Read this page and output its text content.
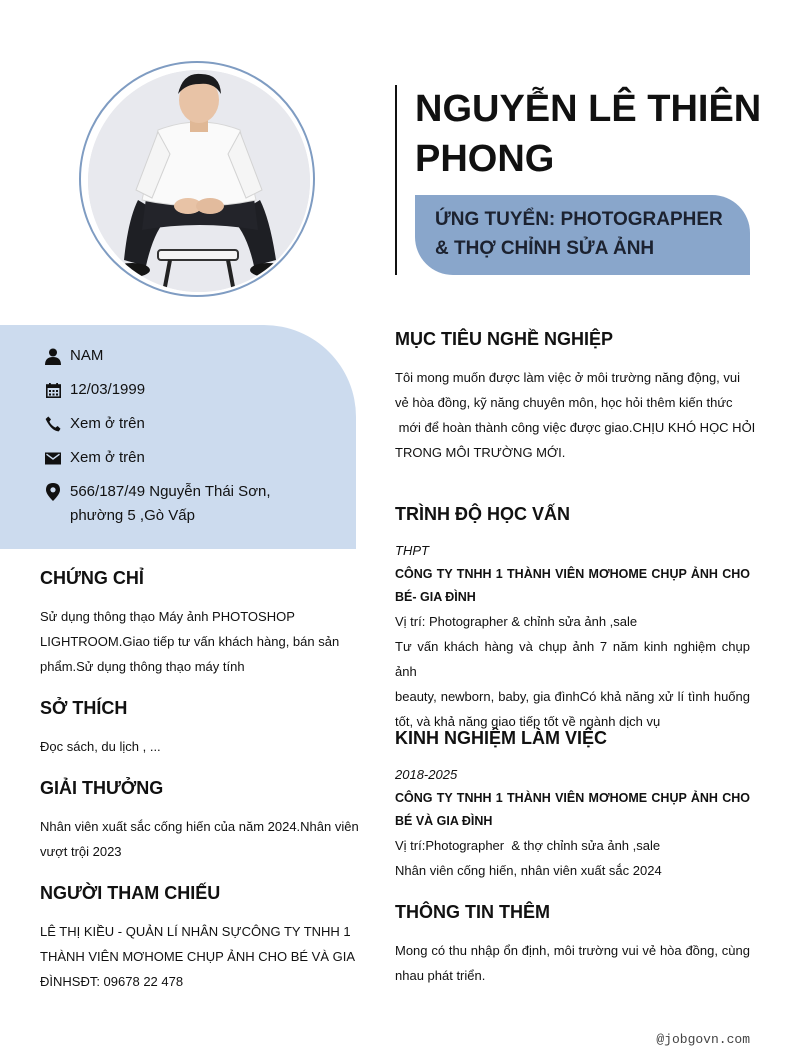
NGUYỄN LÊ THIÊN
PHONG
ỨNG TUYỂN: PHOTOGRAPHER
& THỢ CHỈNH SỬA ẢNH
NAM
12/03/1999
Xem ở trên
Xem ở trên
566/187/49 Nguyễn Thái Sơn,
phường 5 ,Gò Vấp
CHỨNG CHỈ
Sử dụng thông thạo Máy ảnh PHOTOSHOP
LIGHTROOM.Giao tiếp tư vấn khách hàng, bán sản
phẩm.Sử dụng thông thạo máy tính
SỞ THÍCH
Đọc sách, du lịch , ...
GIẢI THƯỞNG
Nhân viên xuất sắc cống hiến của năm 2024.Nhân viên
vượt trội 2023
NGƯỜI THAM CHIẾU
LÊ THỊ KIỀU - QUẢN LÍ NHÂN SỰCÔNG TY TNHH 1
THÀNH VIÊN MƠHOME CHỤP ẢNH CHO BÉ VÀ GIA
ĐÌNHSĐT: 09678 22 478
MỤC TIÊU NGHỀ NGHIỆP
Tôi mong muốn được làm việc ở môi trường năng động, vui
vẻ hòa đồng, kỹ năng chuyên môn, học hỏi thêm kiến thức
mới để hoàn thành công việc được giao.CHỊU KHÓ HỌC HỎI
TRONG MÔI TRƯỜNG MỚI.
TRÌNH ĐỘ HỌC VẤN
THPT
CÔNG TY TNHH 1 THÀNH VIÊN MƠHOME CHỤP ẢNH CHO
BÉ- GIA ĐÌNH
Vị trí: Photographer & chỉnh sửa ảnh ,sale
Tư vấn khách hàng và chụp ảnh 7 năm kinh nghiệm chụp ảnh
beauty, newborn, baby, gia đìnhCó khả năng xử lí tình huống
tốt, và khả năng giao tiếp tốt về ngành dịch vụ
KINH NGHIỆM LÀM VIỆC
2018-2025
CÔNG TY TNHH 1 THÀNH VIÊN MƠHOME CHỤP ẢNH CHO
BÉ VÀ GIA ĐÌNH
Vị trí:Photographer  & thợ chỉnh sửa ảnh ,sale
Nhân viên cống hiến, nhân viên xuất sắc 2024
THÔNG TIN THÊM
Mong có thu nhập ổn định, môi trường vui vẻ hòa đồng, cùng
nhau phát triển.
@jobgovn.com
